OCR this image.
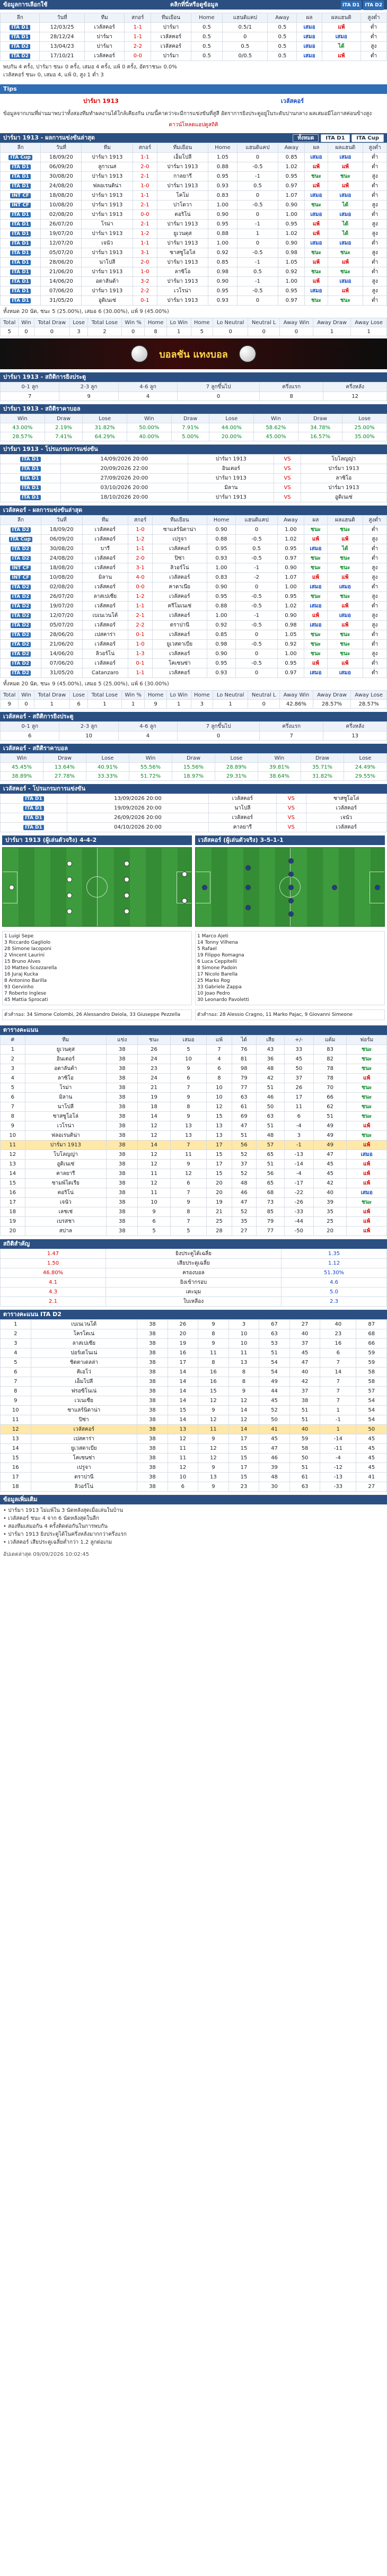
ข้อมูลการเลือกใช้	คลิกที่นี่หรือดูข้อมูล	ITA D1 ITA D2
ลีก	วันที่	ทีม	สกอร์	ทีมเยือน	Home	แฮนดิแคป	Away	ผล	ผลแฮนดิ	สูงต่ำ
ITA D1	12/03/25	เวลัสคอร์	1-1	ปาร์มา	0.5	0.5/1	0.5	เสมอ	แพ้	ต่ำ
ITA D1	28/12/24	ปาร์มา	1-1	เวลัสคอร์	0.5	0	0.5	เสมอ	เสมอ	ต่ำ
ITA D2	13/04/23	ปาร์มา	2-2	เวลัสคอร์	0.5	0.5	0.5	เสมอ	ได้	สูง
ITA D2	17/10/21	เวลัสคอร์	0-0	ปาร์มา	0.5	0/0.5	0.5	เสมอ	แพ้	ต่ำ
พบกัน 4 ครั้ง, ปาร์มา ชนะ 0 ครั้ง, เสมอ 4 ครั้ง, แพ้ 0 ครั้ง, อัตราชนะ 0.0%
เวลัสคอร์ ชนะ 0, เสมอ 4, แพ้ 0, สูง 1 ต่ำ 3
Tips
ปาร์มา 1913	เวลัสคอร์
ข้อมูลจากเกมที่ผ่านมาพบว่าทั้งสองทีมทำผลงานได้ใกล้เคียงกัน เกมนี้คาดว่าจะมีการแข่งขันที่สูสี อัตราการยิงประตูอยู่ในระดับปานกลาง ผลเสมอมีโอกาสค่อนข้างสูง
ดาวน์โหลดแอปดูสถิติ
ปาร์มา 1913 - ผลการแข่งขันล่าสุด	ทั้งหมด ITA D1 ITA Cup
ลีก	วันที่	ทีม	สกอร์	ทีมเยือน	Home	แฮนดิแคป	Away	ผล	ผลแฮนดิ	สูงต่ำ
ITA Cup	18/09/20	ปาร์มา 1913	1-1	เอ็มโปลี	1.05	0	0.85	เสมอ	เสมอ	ต่ำ
ITA D1	06/09/20	ลูกาเนส	2-0	ปาร์มา 1913	0.88	-0.5	1.02	แพ้	แพ้	ต่ำ
ITA D1	30/08/20	ปาร์มา 1913	2-1	กาลยารี	0.95	-1	0.95	ชนะ	ชนะ	สูง
ITA D1	24/08/20	ฟลอเรนติน่า	1-0	ปาร์มา 1913	0.93	0.5	0.97	แพ้	แพ้	ต่ำ
INT CF	18/08/20	ปาร์มา 1913	1-1	โคโม่	0.83	0	1.07	เสมอ	เสมอ	ต่ำ
INT CF	10/08/20	ปาร์มา 1913	2-1	ปาโดวา	1.00	-0.5	0.90	ชนะ	ได้	สูง
ITA D1	02/08/20	ปาร์มา 1913	0-0	ตอริโน่	0.90	0	1.00	เสมอ	เสมอ	ต่ำ
ITA D1	26/07/20	โรม่า	2-1	ปาร์มา 1913	0.95	-1	0.95	แพ้	ได้	สูง
ITA D1	19/07/20	ปาร์มา 1913	1-2	ยูเวนตุส	0.88	1	1.02	แพ้	ได้	สูง
ITA D1	12/07/20	เจนัว	1-1	ปาร์มา 1913	1.00	0	0.90	เสมอ	เสมอ	ต่ำ
ITA D1	05/07/20	ปาร์มา 1913	3-1	ซาสซูโอโล่	0.92	-0.5	0.98	ชนะ	ชนะ	สูง
ITA D1	28/06/20	นาโปลี	2-0	ปาร์มา 1913	0.85	-1	1.05	แพ้	แพ้	ต่ำ
ITA D1	21/06/20	ปาร์มา 1913	1-0	ลาซิโอ	0.98	0.5	0.92	ชนะ	ชนะ	ต่ำ
ITA D1	14/06/20	อตาลันต้า	3-2	ปาร์มา 1913	0.90	-1	1.00	แพ้	เสมอ	สูง
ITA D1	07/06/20	ปาร์มา 1913	2-2	เวโรน่า	0.95	-0.5	0.95	เสมอ	แพ้	สูง
ITA D1	31/05/20	อูดิเนเซ่	0-1	ปาร์มา 1913	0.93	0	0.97	ชนะ	ชนะ	ต่ำ
ทั้งหมด 20 นัด, ชนะ 5 (25.00%), เสมอ 6 (30.00%), แพ้ 9 (45.00%)
Total	Win	Total Draw	Lose	Total Lose	Win %	Home	Lo Win	Home	Lo Neutral	Neutral L	Away Win	Away Draw	Away Lose
5	0	0	3	2	0	8	1	5	0	0	0	1	1
บอลชัน แทงบอล
ปาร์มา 1913 - สถิติการยิงประตู
0-1 ลูก	2-3 ลูก	4-6 ลูก	7 ลูกขึ้นไป	ครึ่งแรก	ครึ่งหลัง
7	9	4	0	8	12
ปาร์มา 1913 - สถิติราคาบอล
Win	Draw	Lose	Win	Draw	Lose	Win	Draw	Lose
43.00%	2.19%	31.82%	50.00%	7.91%	44.00%	58.62%	34.78%	25.00%
28.57%	7.41%	64.29%	40.00%	5.00%	20.00%	45.00%	16.57%	35.00%
ปาร์มา 1913 - โปรแกรมการแข่งขัน
ITA D1	14/09/2026 20:00	ปาร์มา 1913	VS	โบโลญญ่า
ITA D1	20/09/2026 22:00	อินเตอร์	VS	ปาร์มา 1913
ITA D1	27/09/2026 20:00	ปาร์มา 1913	VS	ลาซิโอ
ITA D1	03/10/2026 20:00	มิลาน	VS	ปาร์มา 1913
ITA D1	18/10/2026 20:00	ปาร์มา 1913	VS	อูดิเนเซ่
เวลัสคอร์ - ผลการแข่งขันล่าสุด
ลีก	วันที่	ทีม	สกอร์	ทีมเยือน	Home	แฮนดิแคป	Away	ผล	ผลแฮนดิ	สูงต่ำ
ITA D2	18/09/20	เวลัสคอร์	1-0	ซาแลร์นิตาน่า	0.90	0	1.00	ชนะ	ชนะ	ต่ำ
ITA Cup	06/09/20	เวลัสคอร์	1-2	เปรูจา	0.88	-0.5	1.02	แพ้	แพ้	สูง
ITA D2	30/08/20	บารี	1-1	เวลัสคอร์	0.95	0.5	0.95	เสมอ	ได้	ต่ำ
ITA D2	24/08/20	เวลัสคอร์	2-0	ปิซ่า	0.93	-0.5	0.97	ชนะ	ชนะ	ต่ำ
INT CF	18/08/20	เวลัสคอร์	3-1	ลิวอร์โน่	1.00	-1	0.90	ชนะ	ชนะ	สูง
INT CF	10/08/20	มิลาน	4-0	เวลัสคอร์	0.83	-2	1.07	แพ้	แพ้	สูง
ITA D2	02/08/20	เวลัสคอร์	0-0	คาตาเนีย	0.90	0	1.00	เสมอ	เสมอ	ต่ำ
ITA D2	26/07/20	ลาสเปเซีย	1-2	เวลัสคอร์	0.95	-0.5	0.95	ชนะ	ชนะ	สูง
ITA D2	19/07/20	เวลัสคอร์	1-1	ครีโมเนเซ่	0.88	-0.5	1.02	เสมอ	แพ้	ต่ำ
ITA D2	12/07/20	เบเนเวนโต้	2-1	เวลัสคอร์	1.00	-1	0.90	แพ้	เสมอ	สูง
ITA D2	05/07/20	เวลัสคอร์	2-2	ตราปานี	0.92	-0.5	0.98	เสมอ	แพ้	สูง
ITA D2	28/06/20	เปสคาร่า	0-1	เวลัสคอร์	0.85	0	1.05	ชนะ	ชนะ	ต่ำ
ITA D2	21/06/20	เวลัสคอร์	1-0	ยูเวสตาเบีย	0.98	-0.5	0.92	ชนะ	ชนะ	ต่ำ
ITA D2	14/06/20	ลิวอร์โน่	1-3	เวลัสคอร์	0.90	0	1.00	ชนะ	ชนะ	สูง
ITA D2	07/06/20	เวลัสคอร์	0-1	โคเซนซ่า	0.95	-0.5	0.95	แพ้	แพ้	ต่ำ
ITA D2	31/05/20	Catanzaro	1-1	เวลัสคอร์	0.93	0	0.97	เสมอ	เสมอ	ต่ำ
ทั้งหมด 20 นัด, ชนะ 9 (45.00%), เสมอ 5 (25.00%), แพ้ 6 (30.00%)
Total	Win	Total Draw	Lose	Total Lose	Win %	Home	Lo Win	Home	Lo Neutral	Neutral L	Away Win	Away Draw	Away Lose
9	0	1	6	1	1	9	1	3	1	0	42.86%	28.57%	28.57%
เวลัสคอร์ - สถิติการยิงประตู
0-1 ลูก	2-3 ลูก	4-6 ลูก	7 ลูกขึ้นไป	ครึ่งแรก	ครึ่งหลัง
6	10	4	0	7	13
เวลัสคอร์ - สถิติราคาบอล
Win	Draw	Lose	Win	Draw	Lose	Win	Draw	Lose
45.45%	13.64%	40.91%	55.56%	15.56%	28.89%	39.81%	35.71%	24.49%
38.89%	27.78%	33.33%	51.72%	18.97%	29.31%	38.64%	31.82%	29.55%
เวลัสคอร์ - โปรแกรมการแข่งขัน
ITA D1	13/09/2026 20:00	เวลัสคอร์	VS	ซาสซูโอโล่
ITA D1	19/09/2026 20:00	นาโปลี	VS	เวลัสคอร์
ITA D1	26/09/2026 20:00	เวลัสคอร์	VS	เจนัว
ITA D1	04/10/2026 20:00	คาลยารี	VS	เวลัสคอร์
ปาร์มา 1913 (ผู้เล่นตัวจริง) 4-4-2	เวลัสคอร์ (ผู้เล่นตัวจริง) 3-5-1-1
1 Luigi Sepe
3 Riccardo Gagliolo
28 Simone Iacoponi
2 Vincent Laurini
15 Bruno Alves
10 Matteo Scozzarella
16 Juraj Kucka
8 Antonino Barilla
93 Gervinho
7 Roberto Inglese
45 Mattia Sprocati
1 Marco Ajeti
14 Tonny Vilhena
5 Rafael
19 Filippo Romagna
6 Luca Ceppitelli
8 Simone Padoin
17 Nicolo Barella
25 Marko Rog
33 Gabriele Zappa
10 Joao Pedro
30 Leonardo Pavoletti
ตัวสำรอง: 34 Simone Colombi, 26 Alessandro Deiola, 33 Giuseppe Pezzella	ตัวสำรอง: 28 Alessio Cragno, 11 Marko Pajac, 9 Giovanni Simeone
ตารางคะแนน
#	ทีม	แข่ง	ชนะ	เสมอ	แพ้	ได้	เสีย	+/-	แต้ม	ฟอร์ม
1	ยูเวนตุส	38	26	5	7	76	43	33	83	ชนะ
2	อินเตอร์	38	24	10	4	81	36	45	82	ชนะ
3	อตาลันต้า	38	23	9	6	98	48	50	78	ชนะ
4	ลาซิโอ	38	24	6	8	79	42	37	78	แพ้
5	โรม่า	38	21	7	10	77	51	26	70	ชนะ
6	มิลาน	38	19	9	10	63	46	17	66	ชนะ
7	นาโปลี	38	18	8	12	61	50	11	62	ชนะ
8	ซาสซูโอโล่	38	14	9	15	69	63	6	51	ชนะ
9	เวโรน่า	38	12	13	13	47	51	-4	49	แพ้
10	ฟลอเรนติน่า	38	12	13	13	51	48	3	49	ชนะ
11	ปาร์มา 1913	38	14	7	17	56	57	-1	49	แพ้
12	โบโลญญ่า	38	12	11	15	52	65	-13	47	เสมอ
13	อูดิเนเซ่	38	12	9	17	37	51	-14	45	แพ้
14	คาลยารี	38	11	12	15	52	56	-4	45	แพ้
15	ซามพ์โดเรีย	38	12	6	20	48	65	-17	42	แพ้
16	ตอริโน่	38	11	7	20	46	68	-22	40	เสมอ
17	เจนัว	38	10	9	19	47	73	-26	39	ชนะ
18	เลชเช่	38	9	8	21	52	85	-33	35	แพ้
19	เบรสชา	38	6	7	25	35	79	-44	25	แพ้
20	สปาล	38	5	5	28	27	77	-50	20	แพ้
สถิติสำคัญ
1.47	ยิงประตูได้เฉลี่ย	1.35
1.50	เสียประตูเฉลี่ย	1.12
46.80%	ครองบอล	51.30%
4.1	ยิงเข้ากรอบ	4.6
4.3	เตะมุม	5.0
2.1	ใบเหลือง	2.3
ตารางคะแนน ITA D2
1	เบเนเวนโต้	38	26	9	3	67	27	40	87
2	โครโตเน่	38	20	8	10	63	40	23	68
3	ลาสเปเซีย	38	19	9	10	53	37	16	66
4	ปอร์เดโนเน่	38	16	11	11	51	45	6	59
5	ชิตตาเดลล่า	38	17	8	13	54	47	7	59
6	คิเอโว่	38	14	16	8	54	40	14	58
7	เอ็มโปลี	38	14	16	8	49	42	7	58
8	ฟรอซิโนเน่	38	14	15	9	44	37	7	57
9	เวเนเซีย	38	14	12	12	45	38	7	54
10	ซาแลร์นิตาน่า	38	15	9	14	52	51	1	54
11	ปิซ่า	38	14	12	12	50	51	-1	54
12	เวลัสคอร์	38	13	11	14	41	40	1	50
13	เปสคาร่า	38	12	9	17	45	59	-14	45
14	ยูเวสตาเบีย	38	11	12	15	47	58	-11	45
15	โคเซนซ่า	38	11	12	15	46	50	-4	45
16	เปรูจา	38	12	9	17	39	51	-12	45
17	ตราปานี	38	10	13	15	48	61	-13	41
18	ลิวอร์โน่	38	6	9	23	30	63	-33	27
ข้อมูลเพิ่มเติม
• ปาร์มา 1913 ไม่แพ้ใน 3 นัดหลังสุดเมื่อเล่นในบ้าน
• เวลัสคอร์ ชนะ 4 จาก 6 นัดหลังสุดในลีก
• สองทีมเสมอกัน 4 ครั้งติดต่อกันในการพบกัน
• ปาร์มา 1913 ยิงประตูได้ในครึ่งหลังมากกว่าครึ่งแรก
• เวลัสคอร์ เสียประตูเฉลี่ยต่ำกว่า 1.2 ลูกต่อเกม
อัปเดตล่าสุด 09/09/2026 10:02:45
